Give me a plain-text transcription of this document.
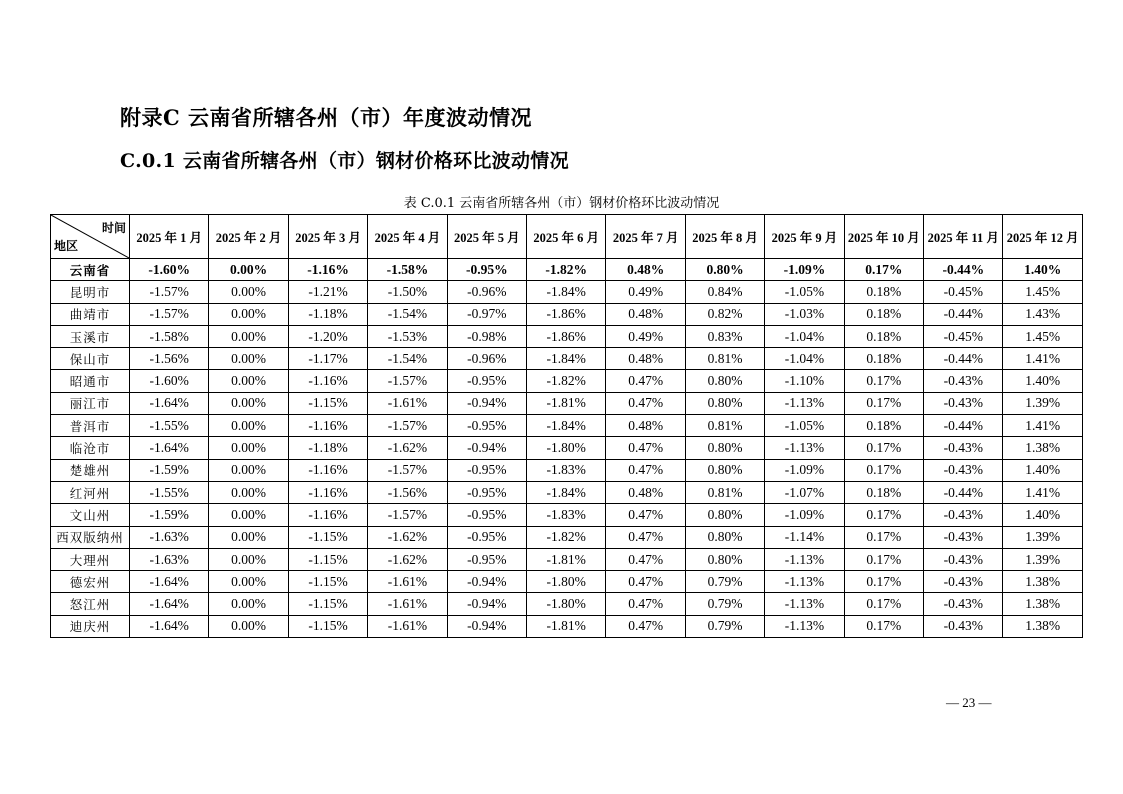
附录C 云南省所辖各州（市）年度波动情况
C.0.1 云南省所辖各州（市）钢材价格环比波动情况
表 C.0.1 云南省所辖各州（市）钢材价格环比波动情况
时间
地区	2025 年 1 月	2025 年 2 月	2025 年 3 月	2025 年 4 月	2025 年 5 月	2025 年 6 月	2025 年 7 月	2025 年 8 月	2025 年 9 月	2025 年 10 月	2025 年 11 月	2025 年 12 月
云南省	-1.60%	0.00%	-1.16%	-1.58%	-0.95%	-1.82%	0.48%	0.80%	-1.09%	0.17%	-0.44%	1.40%
昆明市	-1.57%	0.00%	-1.21%	-1.50%	-0.96%	-1.84%	0.49%	0.84%	-1.05%	0.18%	-0.45%	1.45%
曲靖市	-1.57%	0.00%	-1.18%	-1.54%	-0.97%	-1.86%	0.48%	0.82%	-1.03%	0.18%	-0.44%	1.43%
玉溪市	-1.58%	0.00%	-1.20%	-1.53%	-0.98%	-1.86%	0.49%	0.83%	-1.04%	0.18%	-0.45%	1.45%
保山市	-1.56%	0.00%	-1.17%	-1.54%	-0.96%	-1.84%	0.48%	0.81%	-1.04%	0.18%	-0.44%	1.41%
昭通市	-1.60%	0.00%	-1.16%	-1.57%	-0.95%	-1.82%	0.47%	0.80%	-1.10%	0.17%	-0.43%	1.40%
丽江市	-1.64%	0.00%	-1.15%	-1.61%	-0.94%	-1.81%	0.47%	0.80%	-1.13%	0.17%	-0.43%	1.39%
普洱市	-1.55%	0.00%	-1.16%	-1.57%	-0.95%	-1.84%	0.48%	0.81%	-1.05%	0.18%	-0.44%	1.41%
临沧市	-1.64%	0.00%	-1.18%	-1.62%	-0.94%	-1.80%	0.47%	0.80%	-1.13%	0.17%	-0.43%	1.38%
楚雄州	-1.59%	0.00%	-1.16%	-1.57%	-0.95%	-1.83%	0.47%	0.80%	-1.09%	0.17%	-0.43%	1.40%
红河州	-1.55%	0.00%	-1.16%	-1.56%	-0.95%	-1.84%	0.48%	0.81%	-1.07%	0.18%	-0.44%	1.41%
文山州	-1.59%	0.00%	-1.16%	-1.57%	-0.95%	-1.83%	0.47%	0.80%	-1.09%	0.17%	-0.43%	1.40%
西双版纳州	-1.63%	0.00%	-1.15%	-1.62%	-0.95%	-1.82%	0.47%	0.80%	-1.14%	0.17%	-0.43%	1.39%
大理州	-1.63%	0.00%	-1.15%	-1.62%	-0.95%	-1.81%	0.47%	0.80%	-1.13%	0.17%	-0.43%	1.39%
德宏州	-1.64%	0.00%	-1.15%	-1.61%	-0.94%	-1.80%	0.47%	0.79%	-1.13%	0.17%	-0.43%	1.38%
怒江州	-1.64%	0.00%	-1.15%	-1.61%	-0.94%	-1.80%	0.47%	0.79%	-1.13%	0.17%	-0.43%	1.38%
迪庆州	-1.64%	0.00%	-1.15%	-1.61%	-0.94%	-1.81%	0.47%	0.79%	-1.13%	0.17%	-0.43%	1.38%
— 23 —
